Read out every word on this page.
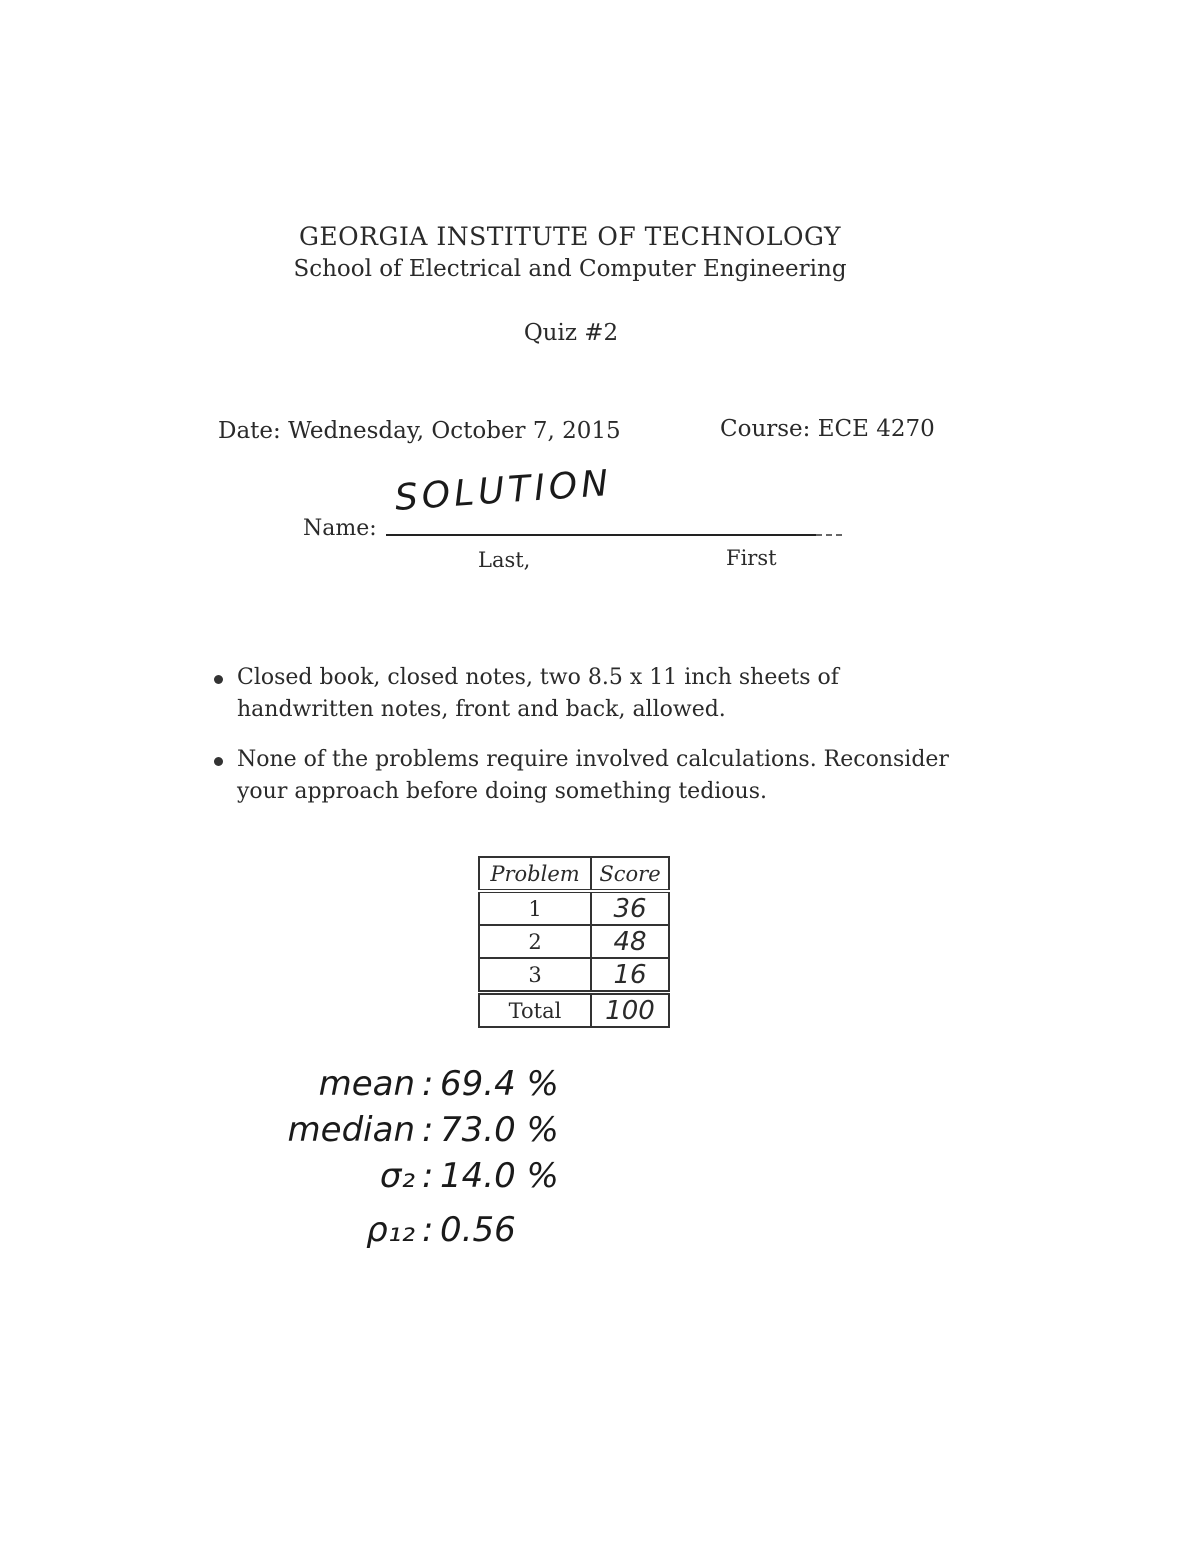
GEORGIA INSTITUTE OF TECHNOLOGY
School of Electrical and Computer Engineering
Quiz #2
Date: Wednesday, October 7, 2015	Course: ECE 4270
Name:
SOLUTION
Last,	First
Closed book, closed notes, two 8.5 x 11 inch sheets of handwritten notes, front and back, allowed.
None of the problems require involved calculations. Reconsider your approach before doing something tedious.
Problem	Score
1	36
2	48
3	16
Total	100
mean : 69.4 %
median : 73.0 %
σ₂ : 14.0 %
ρ₁₂ : 0.56
